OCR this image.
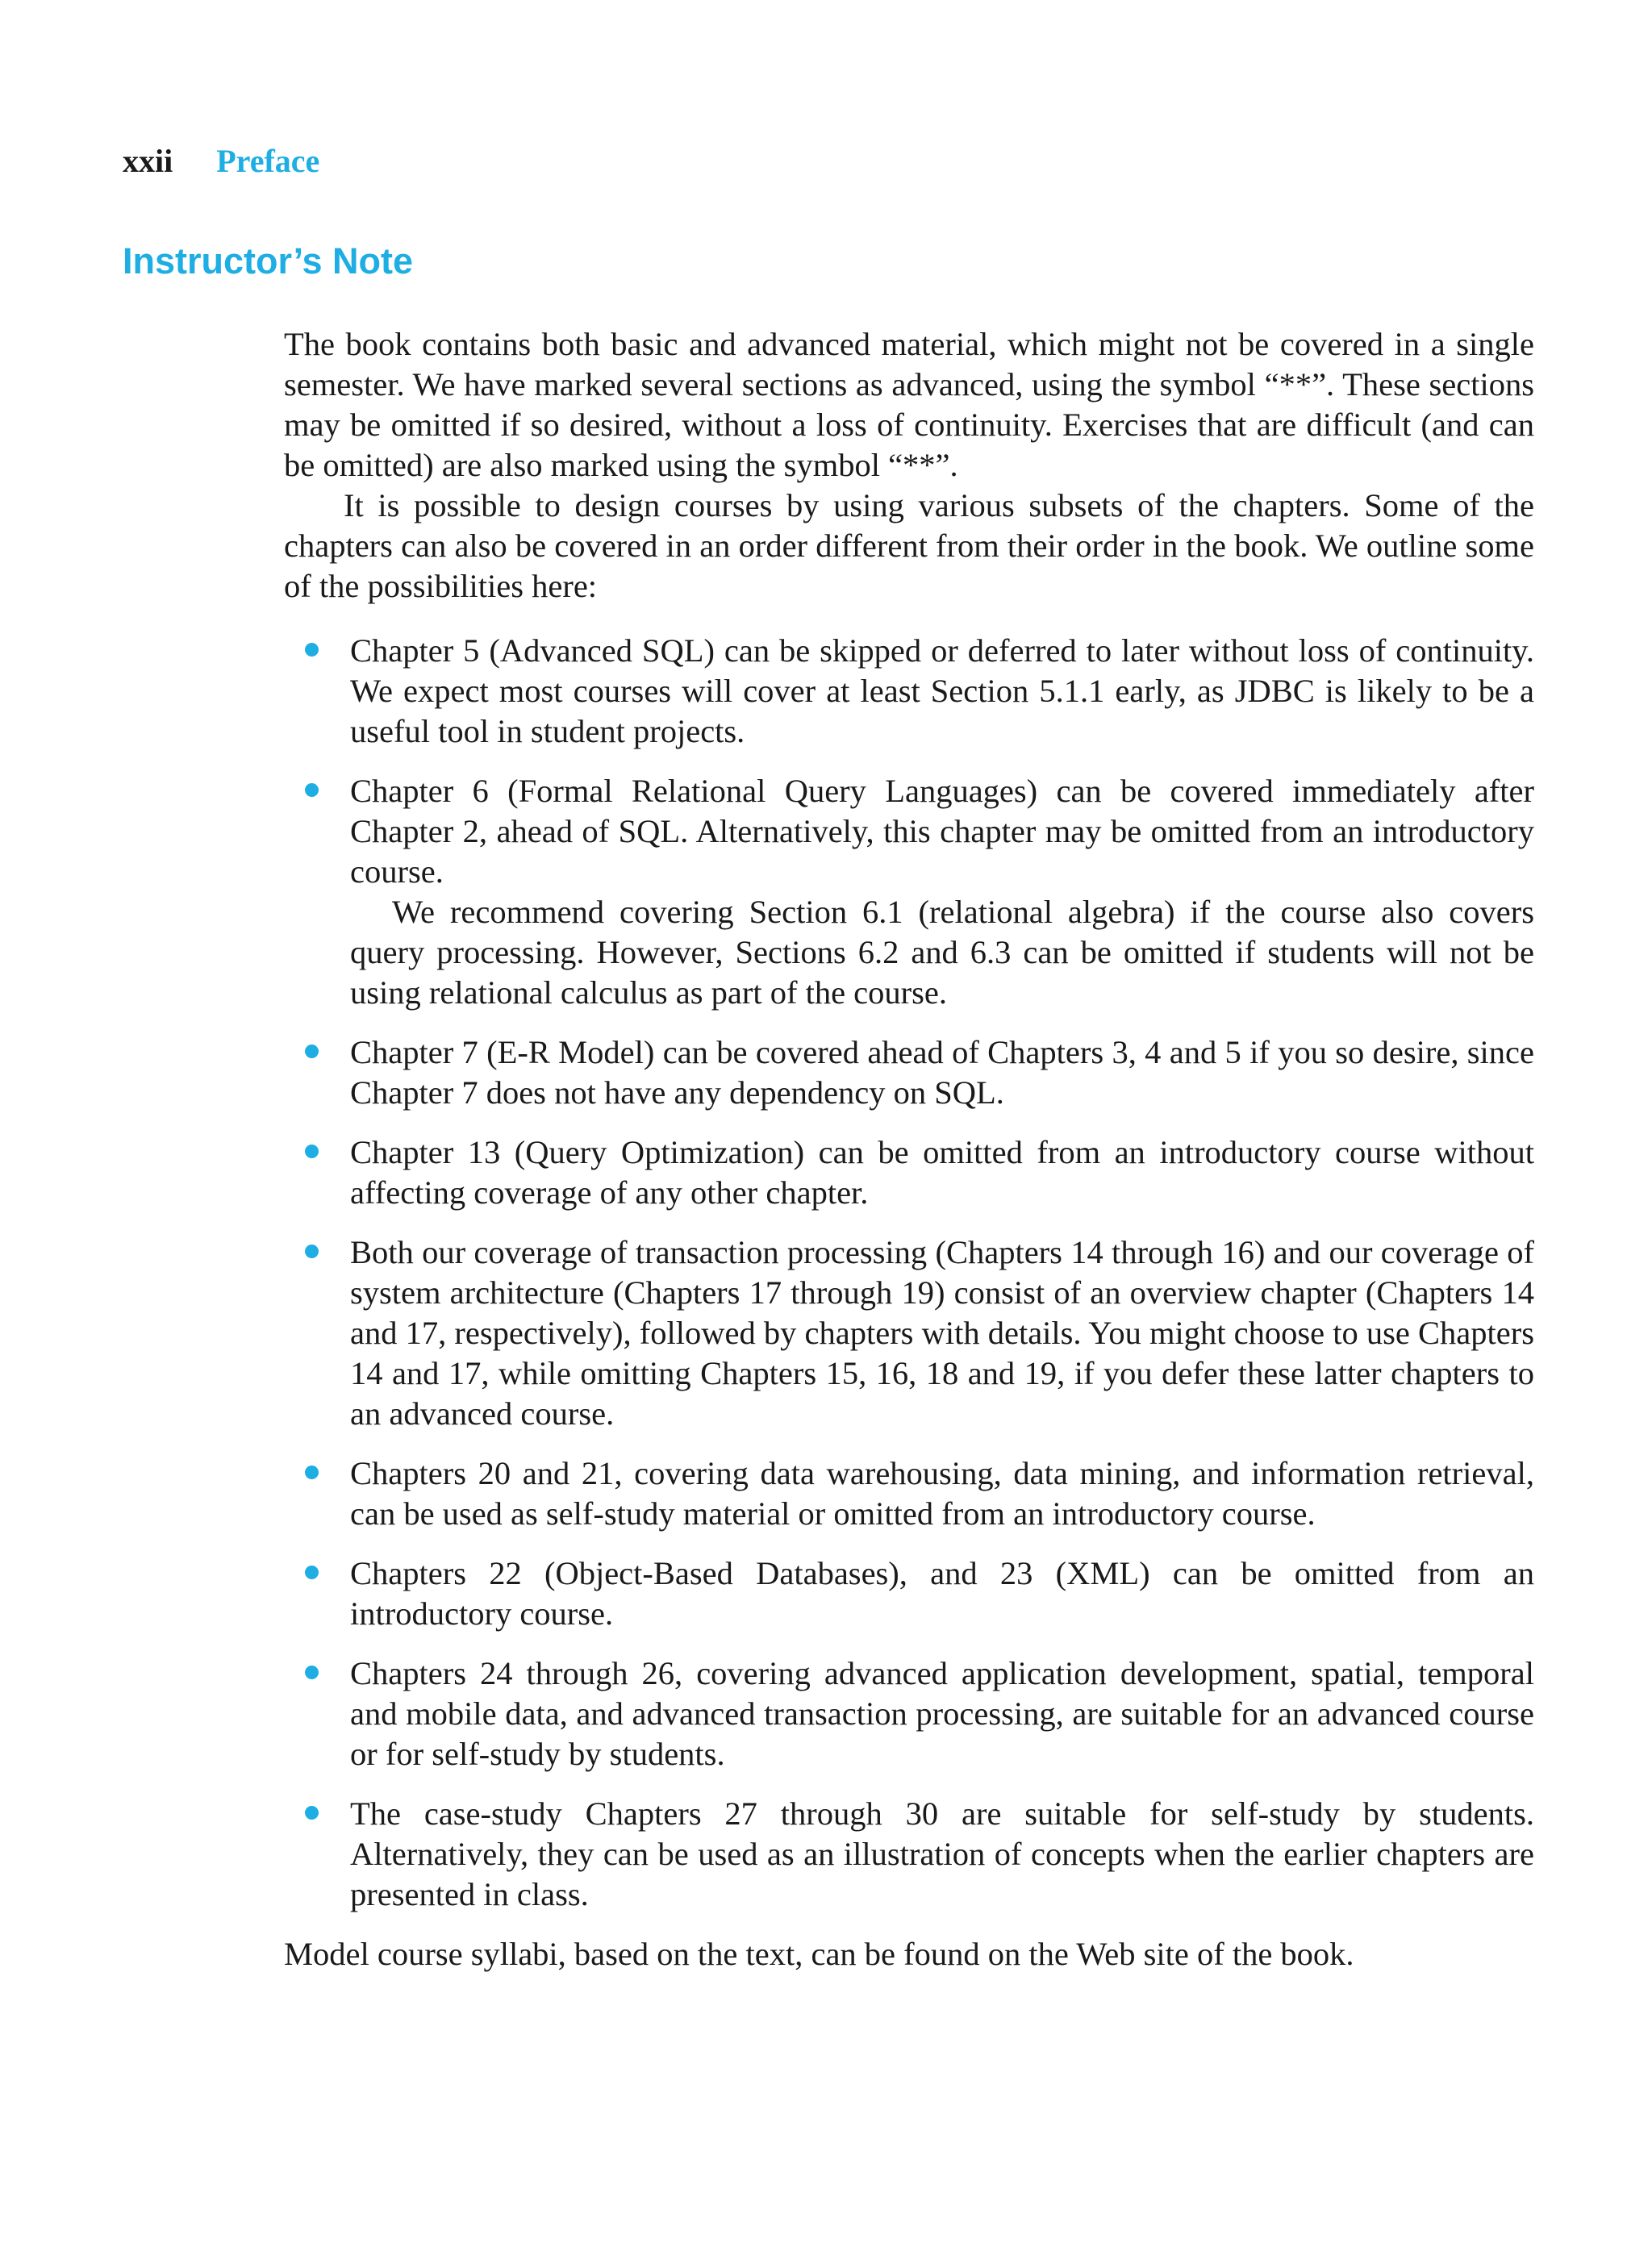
xxii Preface
Instructor’s Note

The book contains both basic and advanced material, which might not be covered in a single semester. We have marked several sections as advanced, using the symbol “**”. These sections may be omitted if so desired, without a loss of continuity. Exercises that are difficult (and can be omitted) are also marked using the symbol “**”.

It is possible to design courses by using various subsets of the chapters. Some of the chapters can also be covered in an order different from their order in the book. We outline some of the possibilities here:

Chapter 5 (Advanced SQL) can be skipped or deferred to later without loss of continuity. We expect most courses will cover at least Section 5.1.1 early, as JDBC is likely to be a useful tool in student projects.

Chapter 6 (Formal Relational Query Languages) can be covered immediately after Chapter 2, ahead of SQL. Alternatively, this chapter may be omitted from an introductory course.

We recommend covering Section 6.1 (relational algebra) if the course also covers query processing. However, Sections 6.2 and 6.3 can be omitted if students will not be using relational calculus as part of the course.

Chapter 7 (E-R Model) can be covered ahead of Chapters 3, 4 and 5 if you so desire, since Chapter 7 does not have any dependency on SQL.

Chapter 13 (Query Optimization) can be omitted from an introductory course without affecting coverage of any other chapter.

Both our coverage of transaction processing (Chapters 14 through 16) and our coverage of system architecture (Chapters 17 through 19) consist of an overview chapter (Chapters 14 and 17, respectively), followed by chapters with details. You might choose to use Chapters 14 and 17, while omitting Chapters 15, 16, 18 and 19, if you defer these latter chapters to an advanced course.

Chapters 20 and 21, covering data warehousing, data mining, and information retrieval, can be used as self-study material or omitted from an introductory course.

Chapters 22 (Object-Based Databases), and 23 (XML) can be omitted from an introductory course.

Chapters 24 through 26, covering advanced application development, spatial, temporal and mobile data, and advanced transaction processing, are suitable for an advanced course or for self-study by students.

The case-study Chapters 27 through 30 are suitable for self-study by students. Alternatively, they can be used as an illustration of concepts when the earlier chapters are presented in class.

Model course syllabi, based on the text, can be found on the Web site of the book.
